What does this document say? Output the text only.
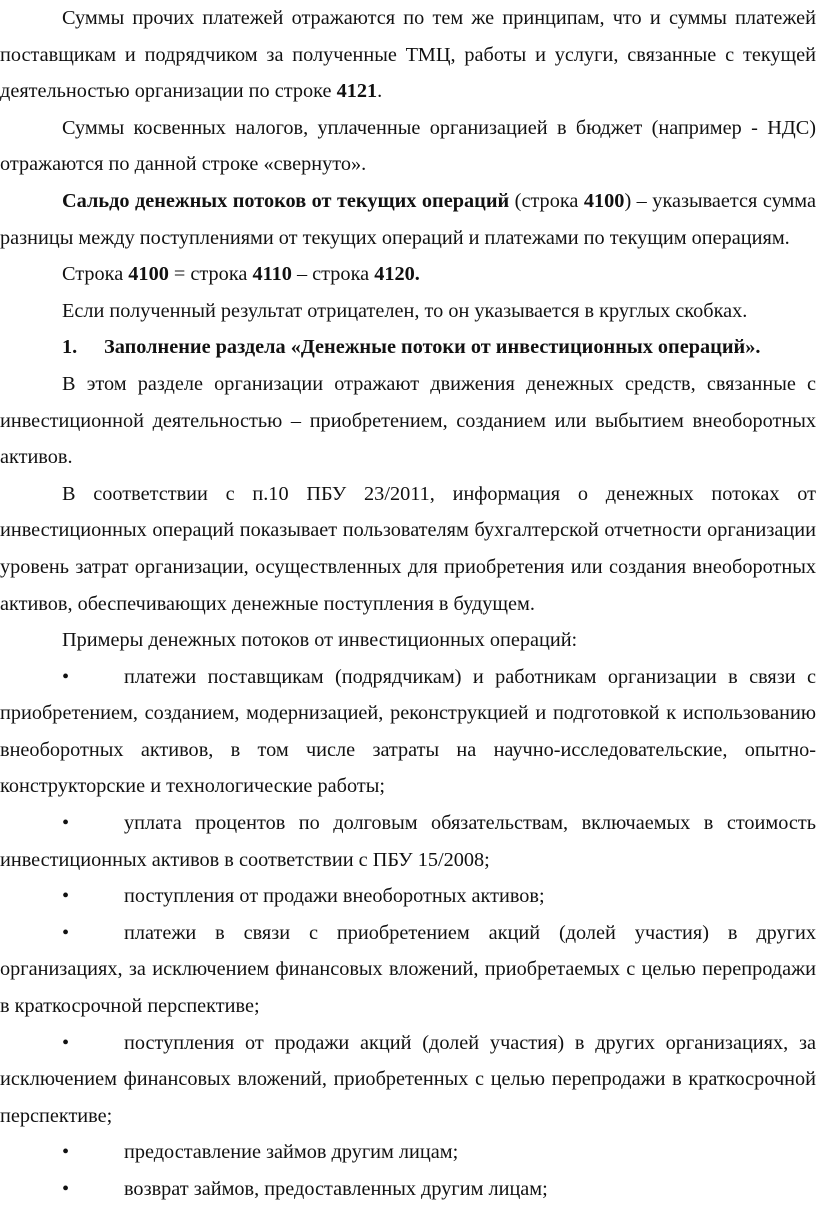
Суммы прочих платежей отражаются по тем же принципам, что и суммы платежей поставщикам и подрядчиком за полученные ТМЦ, работы и услуги, связанные с текущей деятельностью организации по строке 4121.

Суммы косвенных налогов, уплаченные организацией в бюджет (например - НДС) отражаются по данной строке «свернуто».

Сальдо денежных потоков от текущих операций (строка 4100) – указывается сумма разницы между поступлениями от текущих операций и платежами по текущим операциям.

Строка 4100 = строка 4110 – строка 4120.

Если полученный результат отрицателен, то он указывается в круглых скобках.

1. Заполнение раздела «Денежные потоки от инвестиционных операций».

В этом разделе организации отражают движения денежных средств, связанные с инвестиционной деятельностью – приобретением, созданием или выбытием внеоборотных активов.

В соответствии с п.10 ПБУ 23/2011, информация о денежных потоках от инвестиционных операций показывает пользователям бухгалтерской отчетности организации уровень затрат организации, осуществленных для приобретения или создания внеоборотных активов, обеспечивающих денежные поступления в будущем.

Примеры денежных потоков от инвестиционных операций:

•	платежи поставщикам (подрядчикам) и работникам организации в связи с приобретением, созданием, модернизацией, реконструкцией и подготовкой к использованию внеоборотных активов, в том числе затраты на научно-исследовательские, опытно-конструкторские и технологические работы;

•	уплата процентов по долговым обязательствам, включаемых в стоимость инвестиционных активов в соответствии с ПБУ 15/2008;

•	поступления от продажи внеоборотных активов;

•	платежи в связи с приобретением акций (долей участия) в других организациях, за исключением финансовых вложений, приобретаемых с целью перепродажи в краткосрочной перспективе;

•	поступления от продажи акций (долей участия) в других организациях, за исключением финансовых вложений, приобретенных с целью перепродажи в краткосрочной перспективе;

•	предоставление займов другим лицам;

•	возврат займов, предоставленных другим лицам;
